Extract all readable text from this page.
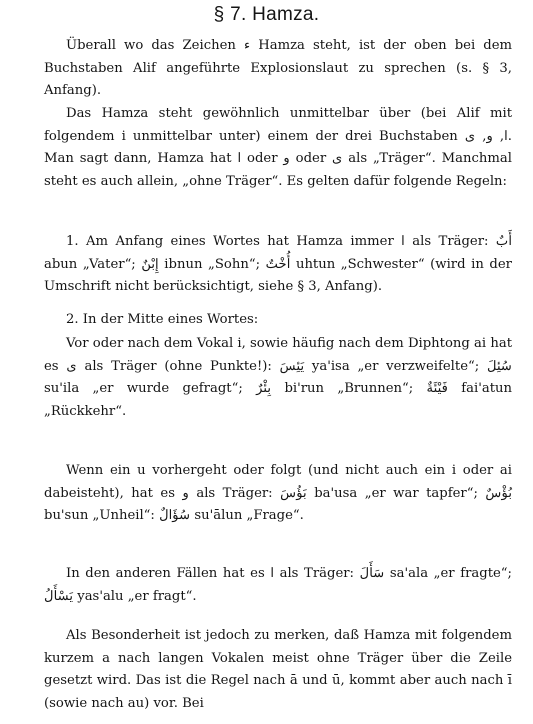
§ 7. Hamza.

Überall wo das Zeichen ء Hamza steht, ist der oben bei dem Buchstaben Alif angeführte Explosionslaut zu sprechen (s. § 3, Anfang).

Das Hamza steht gewöhnlich unmittelbar über (bei Alif mit folgendem i unmittelbar unter) einem der drei Buchstaben ا, و, ى. Man sagt dann, Hamza hat ا oder و oder ى als „Träger“. Manchmal steht es auch allein, „ohne Träger“. Es gelten dafür folgende Regeln:

1. Am Anfang eines Wortes hat Hamza immer ا als Träger: أَبٌ abun „Vater“; إِبْنٌ ibnun „Sohn“; أُخْتٌ uhtun „Schwester“ (wird in der Umschrift nicht berücksichtigt, siehe § 3, Anfang).

2. In der Mitte eines Wortes:

Vor oder nach dem Vokal i, sowie häufig nach dem Diphtong ai hat es ى als Träger (ohne Punkte!): يَئِسَ ya'isa „er verzweifelte“; سُئِلَ su'ila „er wurde gefragt“; بِئْرٌ bi'run „Brunnen“; فَيْئَةٌ fai'atun „Rückkehr“.

Wenn ein u vorhergeht oder folgt (und nicht auch ein i oder ai dabeisteht), hat es و als Träger: بَؤُسَ ba'usa „er war tapfer“; بُؤْسٌ bu'sun „Unheil“: سُؤَالٌ su'ālun „Frage“.

In den anderen Fällen hat es ا als Träger: سَأَلَ sa'ala „er fragte“; يَسْأَلُ yas'alu „er fragt“.

Als Besonderheit ist jedoch zu merken, daß Hamza mit folgendem kurzem a nach langen Vokalen meist ohne Träger über die Zeile gesetzt wird. Das ist die Regel nach ā und ū, kommt aber auch nach ī (sowie nach au) vor. Bei
